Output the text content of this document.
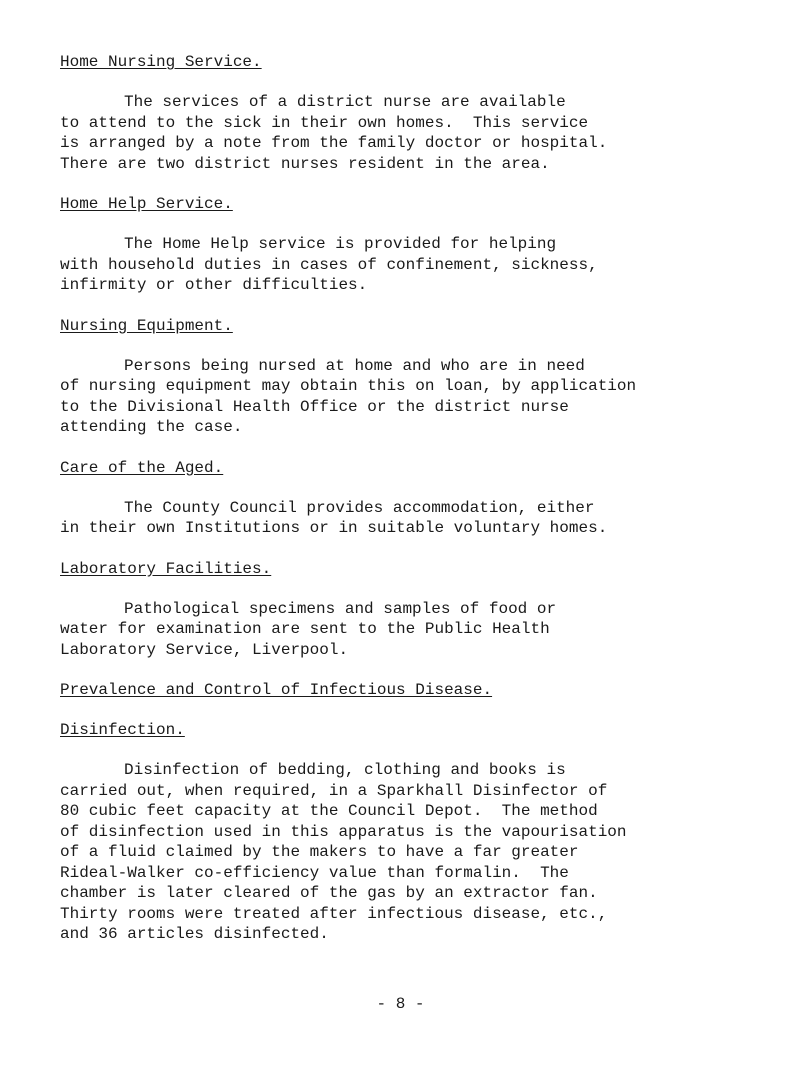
Home Nursing Service.

The services of a district nurse are available
to attend to the sick in their own homes.  This service
is arranged by a note from the family doctor or hospital.
There are two district nurses resident in the area.

Home Help Service.

The Home Help service is provided for helping
with household duties in cases of confinement, sickness,
infirmity or other difficulties.

Nursing Equipment.

Persons being nursed at home and who are in need
of nursing equipment may obtain this on loan, by application
to the Divisional Health Office or the district nurse
attending the case.

Care of the Aged.

The County Council provides accommodation, either
in their own Institutions or in suitable voluntary homes.

Laboratory Facilities.

Pathological specimens and samples of food or
water for examination are sent to the Public Health
Laboratory Service, Liverpool.

Prevalence and Control of Infectious Disease.

Disinfection.

Disinfection of bedding, clothing and books is
carried out, when required, in a Sparkhall Disinfector of
80 cubic feet capacity at the Council Depot.  The method
of disinfection used in this apparatus is the vapourisation
of a fluid claimed by the makers to have a far greater
Rideal-Walker co-efficiency value than formalin.  The
chamber is later cleared of the gas by an extractor fan.
Thirty rooms were treated after infectious disease, etc.,
and 36 articles disinfected.

- 8 -
